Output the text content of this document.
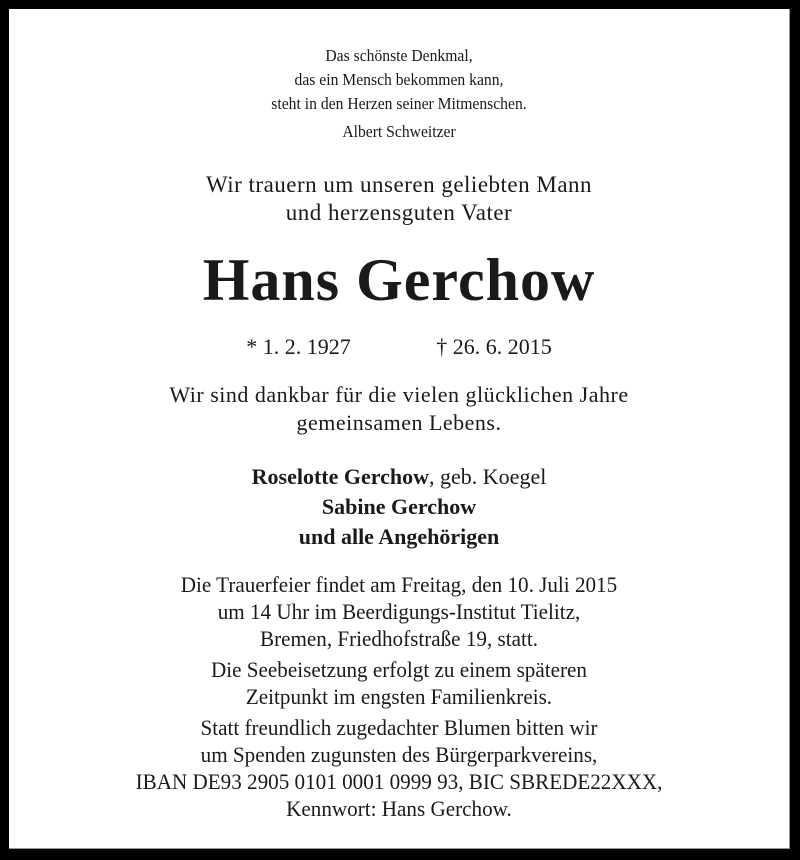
Das schönste Denkmal,
das ein Mensch bekommen kann,
steht in den Herzen seiner Mitmenschen.
Albert Schweitzer
Wir trauern um unseren geliebten Mann
und herzensguten Vater
Hans Gerchow
* 1. 2. 1927	† 26. 6. 2015
Wir sind dankbar für die vielen glücklichen Jahre
gemeinsamen Lebens.
Roselotte Gerchow, geb. Koegel
Sabine Gerchow
und alle Angehörigen
Die Trauerfeier findet am Freitag, den 10. Juli 2015
um 14 Uhr im Beerdigungs-Institut Tielitz,
Bremen, Friedhofstraße 19, statt.
Die Seebeisetzung erfolgt zu einem späteren
Zeitpunkt im engsten Familienkreis.
Statt freundlich zugedachter Blumen bitten wir
um Spenden zugunsten des Bürgerparkvereins,
IBAN DE93 2905 0101 0001 0999 93, BIC SBREDE22XXX,
Kennwort: Hans Gerchow.
